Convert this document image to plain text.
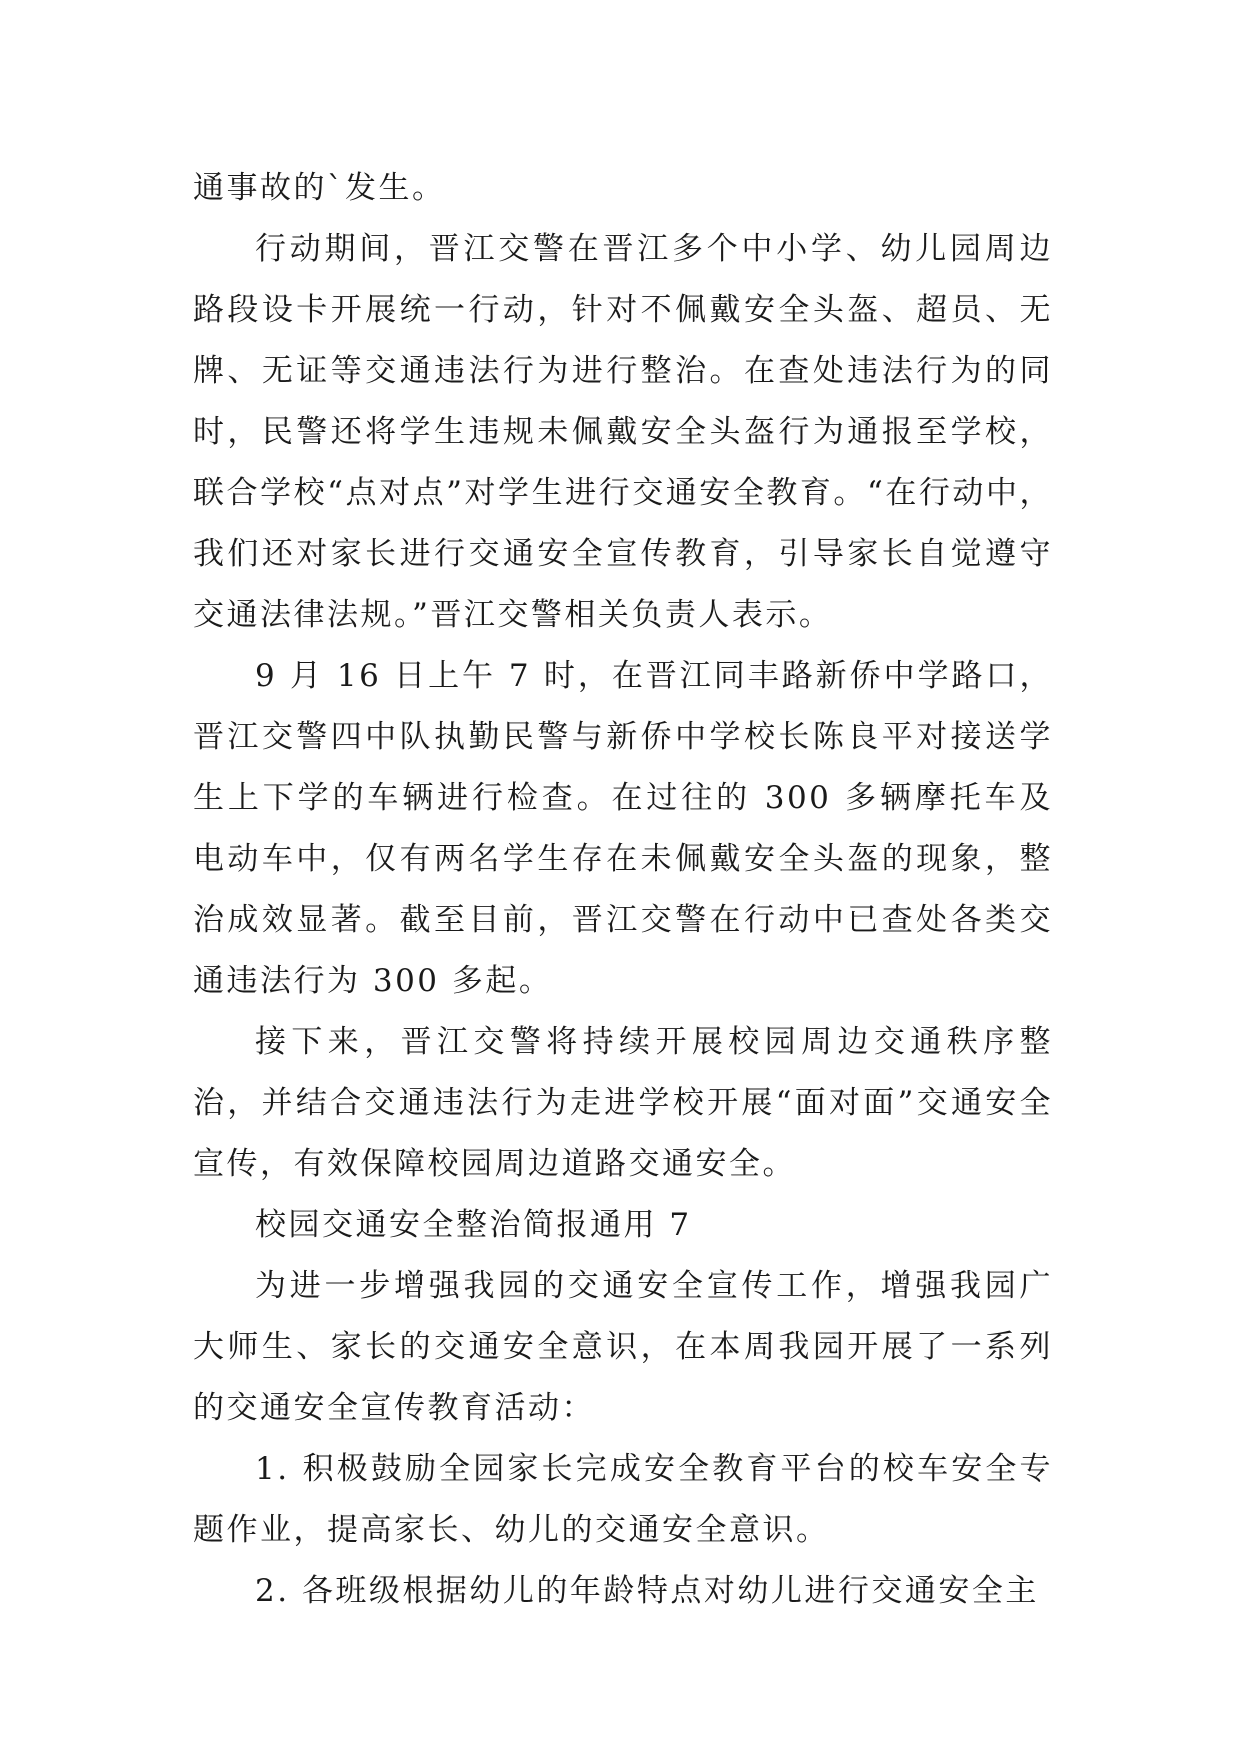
通事故的`发生。

行动期间，晋江交警在晋江多个中小学、幼儿园周边路段设卡开展统一行动，针对不佩戴安全头盔、超员、无牌、无证等交通违法行为进行整治。在查处违法行为的同时，民警还将学生违规未佩戴安全头盔行为通报至学校，联合学校“点对点”对学生进行交通安全教育。“在行动中，我们还对家长进行交通安全宣传教育，引导家长自觉遵守交通法律法规。”晋江交警相关负责人表示。

9 月 16 日上午 7 时，在晋江同丰路新侨中学路口，晋江交警四中队执勤民警与新侨中学校长陈良平对接送学生上下学的车辆进行检查。在过往的 300 多辆摩托车及电动车中，仅有两名学生存在未佩戴安全头盔的现象，整治成效显著。截至目前，晋江交警在行动中已查处各类交通违法行为 300 多起。

接下来，晋江交警将持续开展校园周边交通秩序整治，并结合交通违法行为走进学校开展“面对面”交通安全宣传，有效保障校园周边道路交通安全。

校园交通安全整治简报通用 7

为进一步增强我园的交通安全宣传工作，增强我园广大师生、家长的交通安全意识，在本周我园开展了一系列的交通安全宣传教育活动：

1. 积极鼓励全园家长完成安全教育平台的校车安全专题作业，提高家长、幼儿的交通安全意识。

2. 各班级根据幼儿的年龄特点对幼儿进行交通安全主
